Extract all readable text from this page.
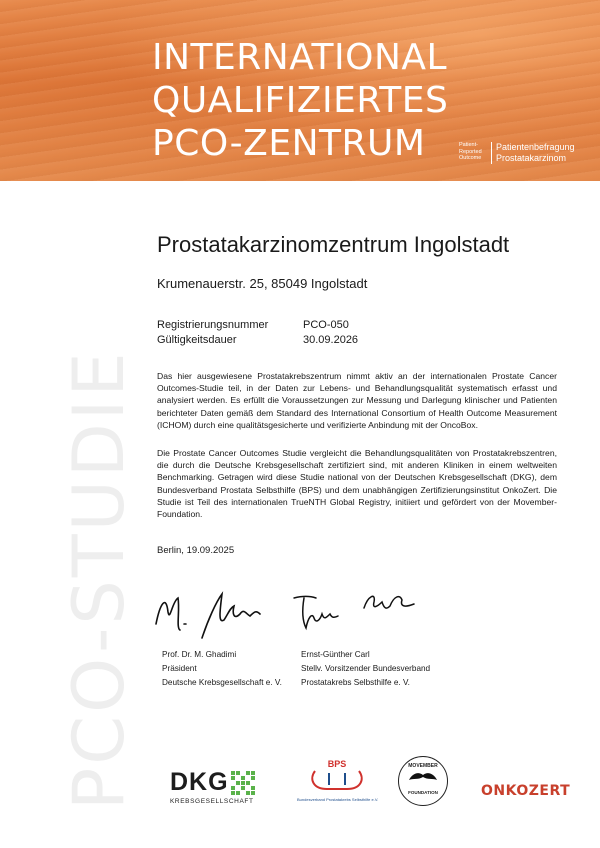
INTERNATIONAL
QUALIFIZIERTES
PCO-ZENTRUM	Patient-
Reported
Outcome
Patientenbefragung
Prostatakarzinom
PCO-STUDIE
Prostatakarzinomzentrum Ingolstadt
Krumenauerstr. 25, 85049 Ingolstadt
Registrierungsnummer	PCO-050
Gültigkeitsdauer	30.09.2026
Das hier ausgewiesene Prostatakrebszentrum nimmt aktiv an der internationalen Prostate Cancer Outcomes-Studie teil, in der Daten zur Lebens- und Behandlungsqualität systematisch erfasst und analysiert werden. Es erfüllt die Voraussetzungen zur Messung und Darlegung klinischer und Patienten berichteter Daten gemäß dem Standard des International Consortium of Health Outcome Measurement (ICHOM) durch eine qualitätsgesicherte und verifizierte Anbindung mit der OncoBox.
Die Prostate Cancer Outcomes Studie vergleicht die Behandlungsqualitäten von Prostatakrebszentren, die durch die Deutsche Krebsgesellschaft zertifiziert sind, mit anderen Kliniken in einem weltweiten Benchmarking. Getragen wird diese Studie national von der Deutschen Krebsgesellschaft (DKG), dem Bundesverband Prostata Selbsthilfe (BPS) und dem unabhängigen Zertifizierungsinstitut OnkoZert. Die Studie ist Teil des internationalen TrueNTH Global Registry, initiiert und gefördert von der Movember-Foundation.
Berlin, 19.09.2025
Prof. Dr. M. Ghadimi
Präsident
Deutsche Krebsgesellschaft e. V.
Ernst-Günther Carl
Stellv. Vorsitzender Bundesverband
Prostatakrebs Selbsthilfe e. V.
DKG
KREBSGESELLSCHAFT
BPS
Bundesverband Prostatakrebs Selbsthilfe e.V.
MOVEMBER
FOUNDATION	ONKOZERT
